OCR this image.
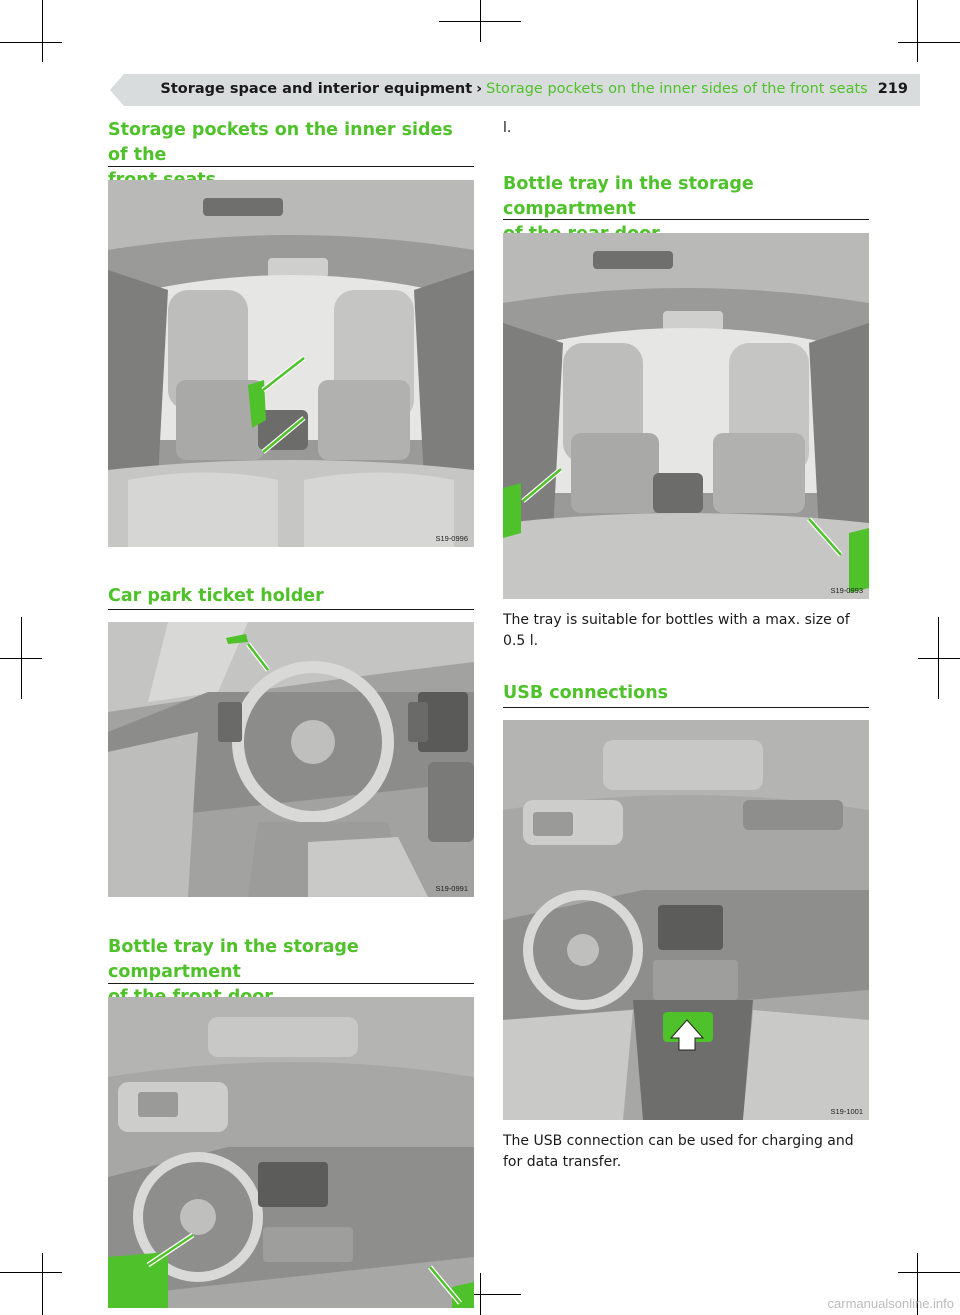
Storage space and interior equipment › Storage pockets on the inner sides of the front seats 219
Storage pockets on the inner sides of the

S19-0996
Car park ticket holder
S19-0991
Bottle tray in the storage compartment

l.

Bottle tray in the storage compartment

S19-0993

The tray is suitable for bottles with a max. size of
0.5 l.

USB connections
S19-1001

The USB connection can be used for charging and
for data transfer.

carmanualsonline.info
